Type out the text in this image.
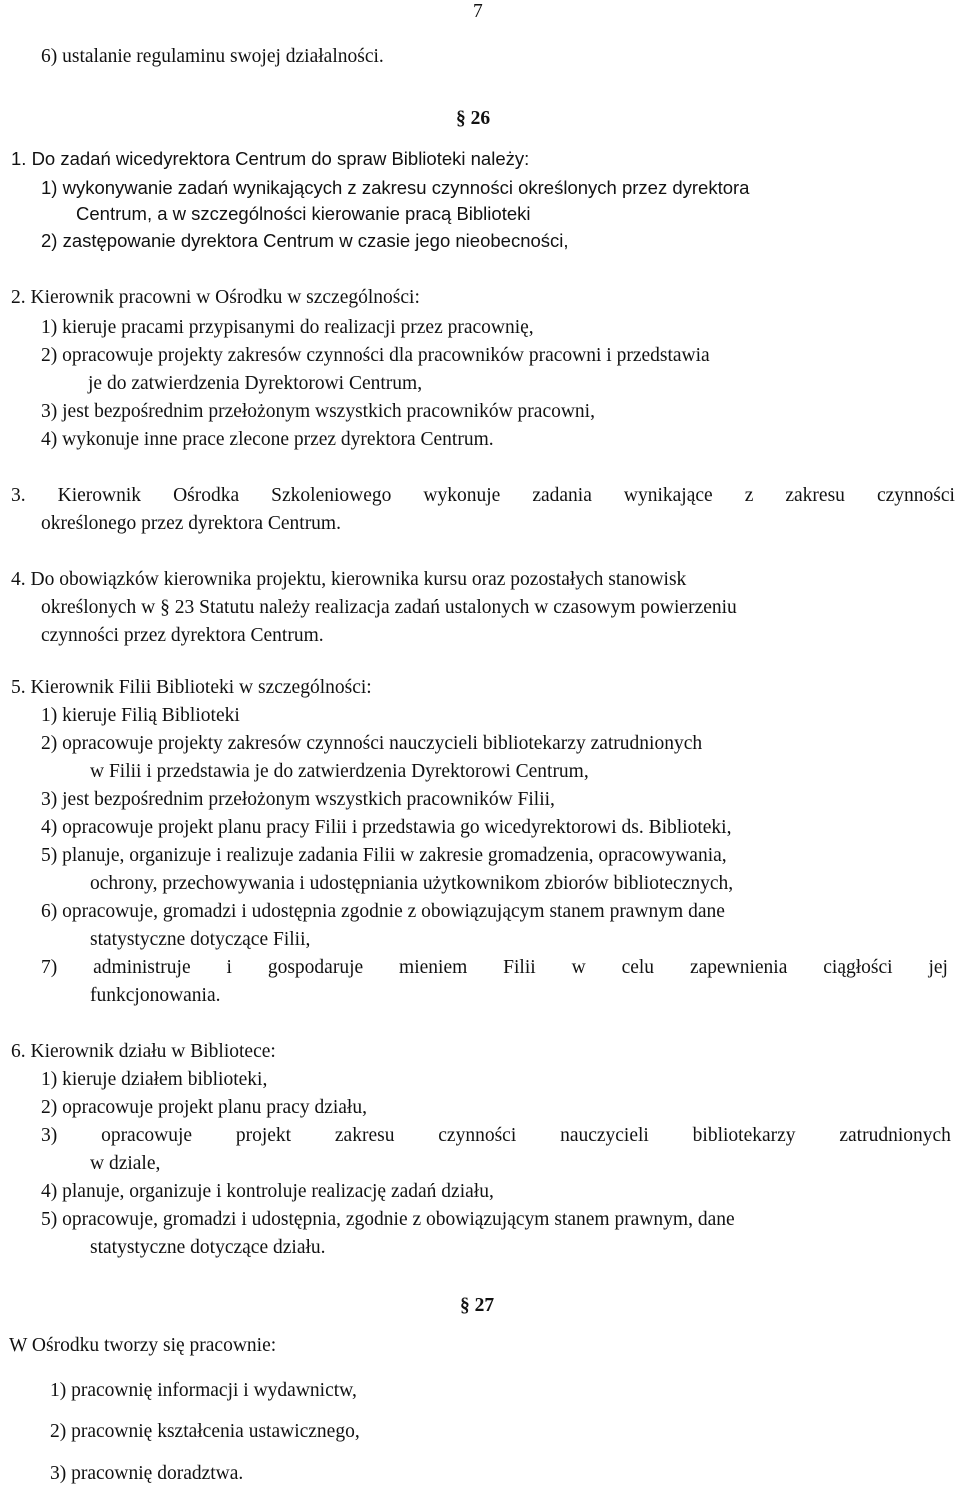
7
6) ustalanie regulaminu swojej działalności.
§ 26
1. Do zadań wicedyrektora Centrum do spraw Biblioteki należy:
1) wykonywanie zadań wynikających z zakresu czynności określonych przez dyrektora
Centrum, a w szczególności kierowanie pracą Biblioteki
2) zastępowanie dyrektora Centrum w czasie jego nieobecności,
2. Kierownik pracowni w Ośrodku w szczególności:
1) kieruje pracami przypisanymi do realizacji przez pracownię,
2) opracowuje projekty zakresów czynności dla pracowników pracowni i przedstawia
je do zatwierdzenia Dyrektorowi Centrum,
3) jest bezpośrednim przełożonym wszystkich pracowników pracowni,
4) wykonuje inne prace zlecone przez dyrektora Centrum.
3. Kierownik Ośrodka Szkoleniowego wykonuje zadania wynikające z zakresu czynności
określonego przez dyrektora Centrum.
4. Do obowiązków kierownika projektu, kierownika kursu oraz pozostałych stanowisk
określonych w § 23 Statutu należy realizacja zadań ustalonych w czasowym powierzeniu
czynności przez dyrektora Centrum.
5. Kierownik Filii Biblioteki w szczególności:
1) kieruje Filią Biblioteki
2) opracowuje projekty zakresów czynności nauczycieli bibliotekarzy zatrudnionych
w Filii i przedstawia je do zatwierdzenia Dyrektorowi Centrum,
3) jest bezpośrednim przełożonym wszystkich pracowników Filii,
4) opracowuje projekt planu pracy Filii i przedstawia go wicedyrektorowi ds. Biblioteki,
5) planuje, organizuje i realizuje zadania Filii w zakresie gromadzenia, opracowywania,
ochrony, przechowywania i udostępniania użytkownikom zbiorów bibliotecznych,
6) opracowuje, gromadzi i udostępnia zgodnie z obowiązującym stanem prawnym dane
statystyczne dotyczące Filii,
7) administruje i gospodaruje mieniem Filii w celu zapewnienia ciągłości jej
funkcjonowania.
6. Kierownik działu w Bibliotece:
1) kieruje działem biblioteki,
2) opracowuje projekt planu pracy działu,
3) opracowuje projekt zakresu czynności nauczycieli bibliotekarzy zatrudnionych
w dziale,
4) planuje, organizuje i kontroluje realizację zadań działu,
5) opracowuje, gromadzi i udostępnia, zgodnie z obowiązującym stanem prawnym, dane
statystyczne dotyczące działu.
§ 27
W Ośrodku tworzy się pracownie:
1) pracownię informacji i wydawnictw,
2) pracownię kształcenia ustawicznego,
3) pracownię doradztwa.
